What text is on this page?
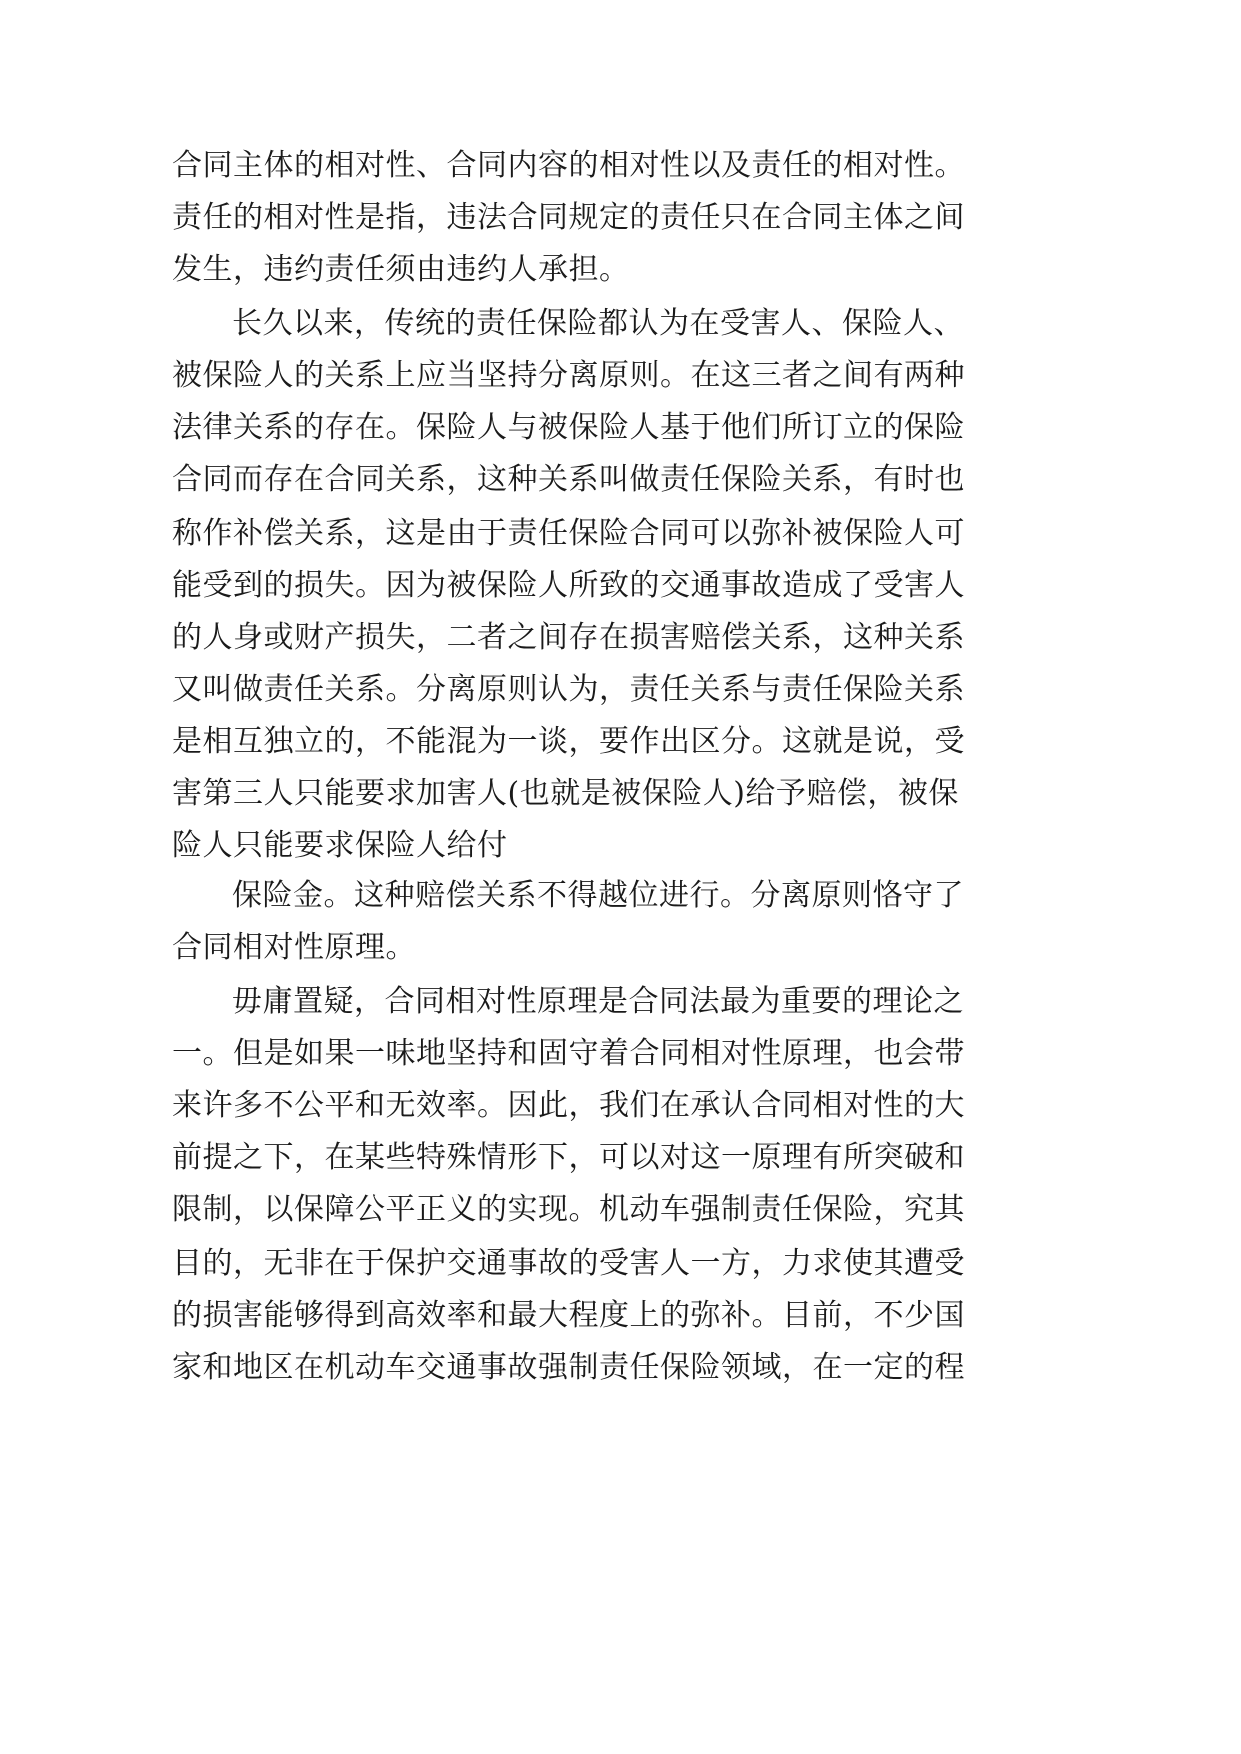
合同主体的相对性、合同内容的相对性以及责任的相对性。
责任的相对性是指，违法合同规定的责任只在合同主体之间
发生，违约责任须由违约人承担。
长久以来，传统的责任保险都认为在受害人、保险人、
被保险人的关系上应当坚持分离原则。在这三者之间有两种
法律关系的存在。保险人与被保险人基于他们所订立的保险
合同而存在合同关系，这种关系叫做责任保险关系，有时也
称作补偿关系，这是由于责任保险合同可以弥补被保险人可
能受到的损失。因为被保险人所致的交通事故造成了受害人
的人身或财产损失，二者之间存在损害赔偿关系，这种关系
又叫做责任关系。分离原则认为，责任关系与责任保险关系
是相互独立的，不能混为一谈，要作出区分。这就是说，受
害第三人只能要求加害人(也就是被保险人)给予赔偿，被保
险人只能要求保险人给付
保险金。这种赔偿关系不得越位进行。分离原则恪守了
合同相对性原理。
毋庸置疑，合同相对性原理是合同法最为重要的理论之
一。但是如果一味地坚持和固守着合同相对性原理，也会带
来许多不公平和无效率。因此，我们在承认合同相对性的大
前提之下，在某些特殊情形下，可以对这一原理有所突破和
限制，以保障公平正义的实现。机动车强制责任保险，究其
目的，无非在于保护交通事故的受害人一方，力求使其遭受
的损害能够得到高效率和最大程度上的弥补。目前，不少国
家和地区在机动车交通事故强制责任保险领域，在一定的程
